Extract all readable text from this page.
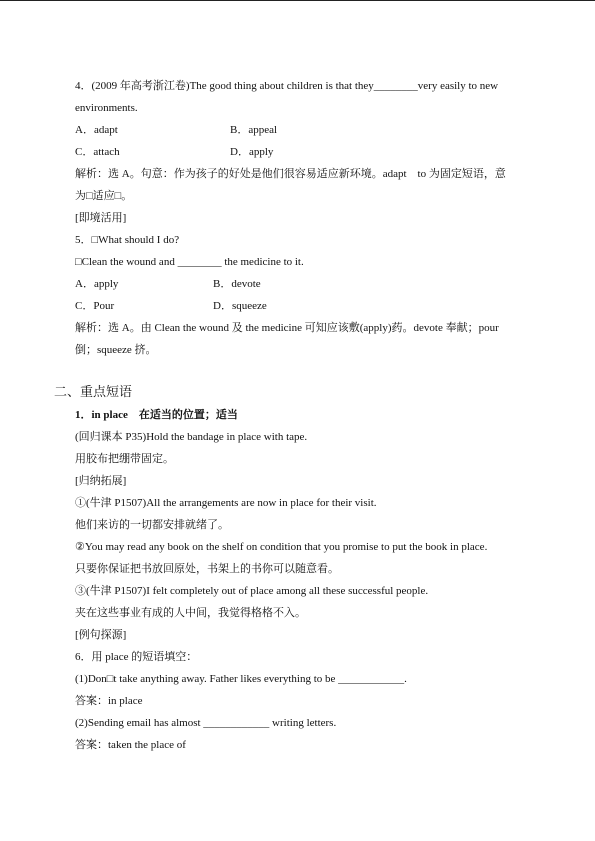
4．(2009 年高考浙江卷)The good thing about children is that they________very easily to new
environments.
A．adapt	B．appeal
C．attach	D．apply
解析：选 A。句意：作为孩子的好处是他们很容易适应新环境。adapt　to 为固定短语，意
为□适应□。
[即境活用]
5．□What should I do?
□Clean the wound and ________ the medicine to it.
A．apply	B．devote
C．Pour	D．squeeze
解析：选 A。由 Clean the wound 及 the medicine 可知应该敷(apply)药。devote 奉献；pour
倒；squeeze 挤。
二、重点短语
1．in place　在适当的位置；适当
(回归课本 P35)Hold the bandage in place with tape.
用胶布把绷带固定。
[归纳拓展]
①(牛津 P1507)All the arrangements are now in place for their visit.
他们来访的一切都安排就绪了。
②You may read any book on the shelf on condition that you promise to put the book in place.
只要你保证把书放回原处，书架上的书你可以随意看。
③(牛津 P1507)I felt completely out of place among all these successful people.
夹在这些事业有成的人中间，我觉得格格不入。
[例句探源]
6．用 place 的短语填空：
(1)Don□t take anything away. Father likes everything to be ____________.
答案：in place
(2)Sending email has almost ____________ writing letters.
答案：taken the place of
